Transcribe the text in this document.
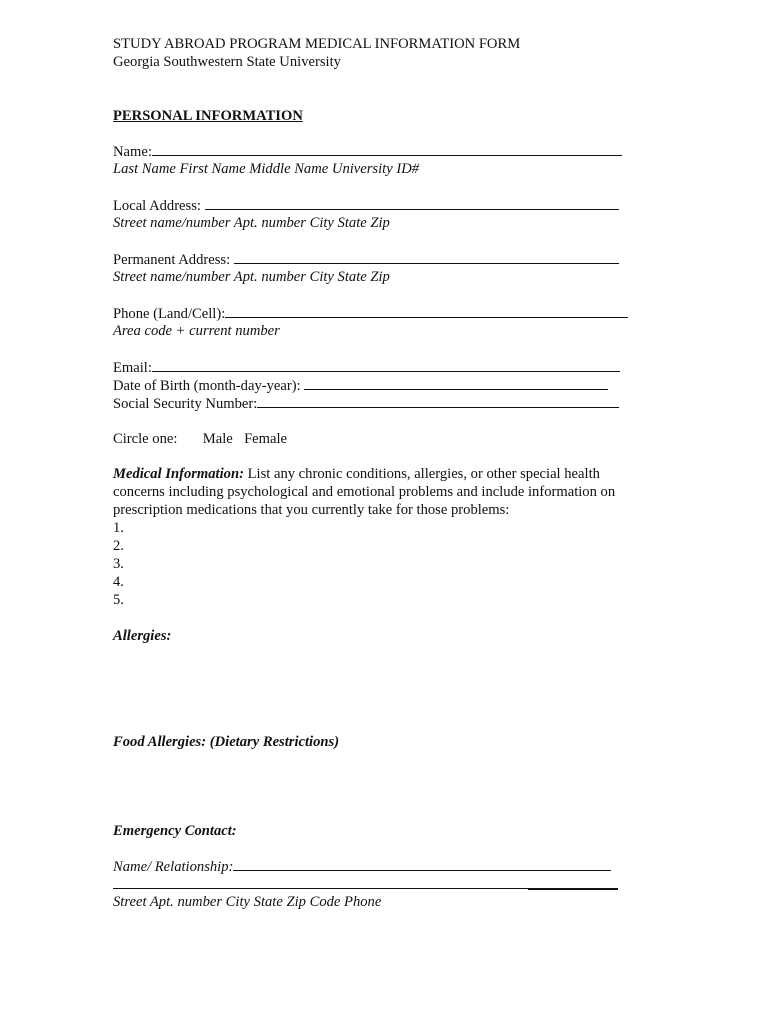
STUDY ABROAD PROGRAM MEDICAL INFORMATION FORM
Georgia Southwestern State University
PERSONAL INFORMATION
Name:
Last Name First Name Middle Name University ID#
Local Address:
Street name/number Apt. number City State Zip
Permanent Address:
Street name/number Apt. number City State Zip
Phone (Land/Cell):
Area code + current number
Email:
Date of Birth (month-day-year):
Social Security Number:
Circle one: Male Female
Medical Information: List any chronic conditions, allergies, or other special health concerns including psychological and emotional problems and include information on prescription medications that you currently take for those problems:
1.
2.
3.
4.
5.
Allergies:
Food Allergies: (Dietary Restrictions)
Emergency Contact:
Name/ Relationship:
Street Apt. number City State Zip Code Phone
